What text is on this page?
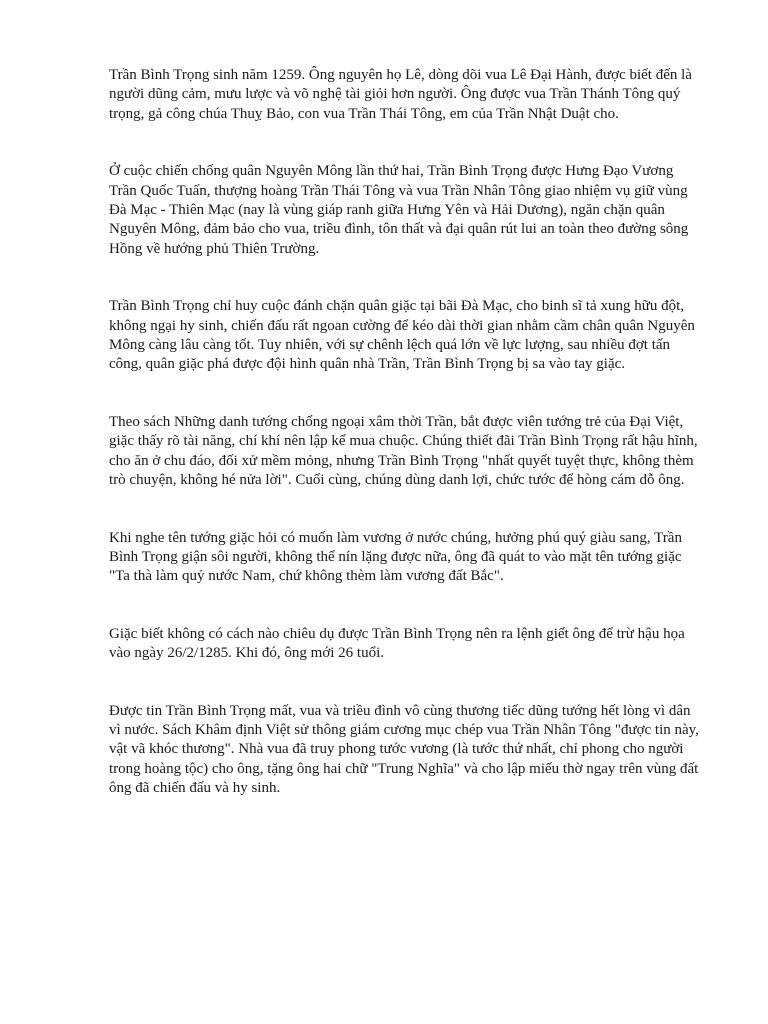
Trần Bình Trọng sinh năm 1259. Ông nguyên họ Lê, dòng dõi vua Lê Đại Hành, được biết đến là người dũng cảm, mưu lược và võ nghệ tài giỏi hơn người. Ông được vua Trần Thánh Tông quý trọng, gả công chúa Thuỵ Bảo, con vua Trần Thái Tông, em của Trần Nhật Duật cho.

Ở cuộc chiến chống quân Nguyên Mông lần thứ hai, Trần Bình Trọng được Hưng Đạo Vương Trần Quốc Tuấn, thượng hoàng Trần Thái Tông và vua Trần Nhân Tông giao nhiệm vụ giữ vùng Đà Mạc - Thiên Mạc (nay là vùng giáp ranh giữa Hưng Yên và Hải Dương), ngăn chặn quân Nguyên Mông, đảm bảo cho vua, triều đình, tôn thất và đại quân rút lui an toàn theo đường sông Hồng về hướng phủ Thiên Trường.

Trần Bình Trọng chỉ huy cuộc đánh chặn quân giặc tại bãi Đà Mạc, cho binh sĩ tả xung hữu đột, không ngại hy sinh, chiến đấu rất ngoan cường để kéo dài thời gian nhằm cầm chân quân Nguyên Mông càng lâu càng tốt. Tuy nhiên, với sự chênh lệch quá lớn về lực lượng, sau nhiều đợt tấn công, quân giặc phá được đội hình quân nhà Trần, Trần Bình Trọng bị sa vào tay giặc.

Theo sách Những danh tướng chống ngoại xâm thời Trần, bắt được viên tướng trẻ của Đại Việt, giặc thấy rõ tài năng, chí khí nên lập kế mua chuộc. Chúng thiết đãi Trần Bình Trọng rất hậu hĩnh, cho ăn ở chu đáo, đối xử mềm mỏng, nhưng Trần Bình Trọng "nhất quyết tuyệt thực, không thèm trò chuyện, không hé nửa lời". Cuối cùng, chúng dùng danh lợi, chức tước để hòng cám dỗ ông.

Khi nghe tên tướng giặc hỏi có muốn làm vương ở nước chúng, hưởng phú quý giàu sang, Trần Bình Trọng giận sôi người, không thể nín lặng được nữa, ông đã quát to vào mặt tên tướng giặc "Ta thà làm quỷ nước Nam, chứ không thèm làm vương đất Bắc".

Giặc biết không có cách nào chiêu dụ được Trần Bình Trọng nên ra lệnh giết ông để trừ hậu họa vào ngày 26/2/1285. Khi đó, ông mới 26 tuổi.

Được tin Trần Bình Trọng mất, vua và triều đình vô cùng thương tiếc dũng tướng hết lòng vì dân vì nước. Sách Khâm định Việt sử thông giám cương mục chép vua Trần Nhân Tông "được tin này, vật vã khóc thương". Nhà vua đã truy phong tước vương (là tước thứ nhất, chỉ phong cho người trong hoàng tộc) cho ông, tặng ông hai chữ "Trung Nghĩa" và cho lập miếu thờ ngay trên vùng đất ông đã chiến đấu và hy sinh.
